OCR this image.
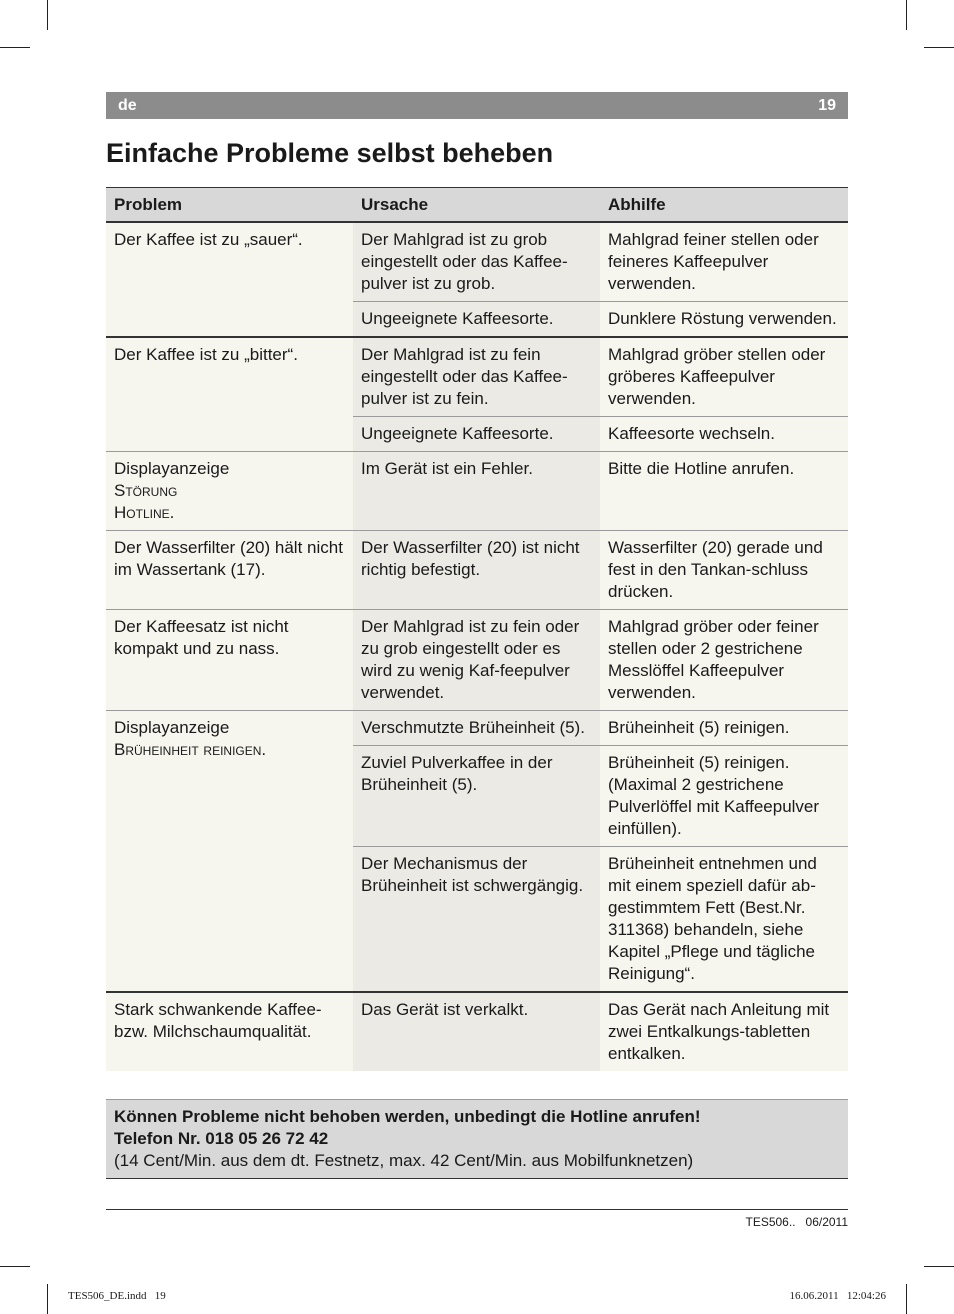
de	19
Einfache Probleme selbst beheben
Problem	Ursache	Abhilfe
Der Kaffee ist zu „sauer“.	Der Mahlgrad ist zu grob eingestellt oder das Kaffee-pulver ist zu grob.	Mahlgrad feiner stellen oder feineres Kaffeepulver verwenden.
	Ungeeignete Kaffeesorte.	Dunklere Röstung verwenden.
Der Kaffee ist zu „bitter“.	Der Mahlgrad ist zu fein eingestellt oder das Kaffee-pulver ist zu fein.	Mahlgrad gröber stellen oder gröberes Kaffeepulver verwenden.
	Ungeeignete Kaffeesorte.	Kaffeesorte wechseln.
Displayanzeige
Störung
Hotline.	Im Gerät ist ein Fehler.	Bitte die Hotline anrufen.
Der Wasserfilter (20) hält nicht im Wassertank (17).	Der Wasserfilter (20) ist nicht richtig befestigt.	Wasserfilter (20) gerade und fest in den Tankan-schluss drücken.
Der Kaffeesatz ist nicht kompakt und zu nass.	Der Mahlgrad ist zu fein oder zu grob eingestellt oder es wird zu wenig Kaf-feepulver verwendet.	Mahlgrad gröber oder feiner stellen oder 2 gestrichene Messlöffel Kaffeepulver verwenden.
Displayanzeige
Brüheinheit reinigen.	Verschmutzte Brüheinheit (5).	Brüheinheit (5) reinigen.
	Zuviel Pulverkaffee in der Brüheinheit (5).	Brüheinheit (5) reinigen. (Maximal 2 gestrichene Pulverlöffel mit Kaffeepulver einfüllen).
	Der Mechanismus der Brüheinheit ist schwergängig.	Brüheinheit entnehmen und mit einem speziell dafür ab-gestimmtem Fett (Best.Nr. 311368) behandeln, siehe Kapitel „Pflege und tägliche Reinigung“.
Stark schwankende Kaffee-bzw. Milchschaumqualität.	Das Gerät ist verkalkt.	Das Gerät nach Anleitung mit zwei Entkalkungs-tabletten entkalken.
Können Probleme nicht behoben werden, unbedingt die Hotline anrufen!
Telefon Nr. 018 05 26 72 42
(14 Cent/Min. aus dem dt. Festnetz, max. 42 Cent/Min. aus Mobilfunknetzen)
TES506..   06/2011
TES506_DE.indd   19	16.06.2011   12:04:26
